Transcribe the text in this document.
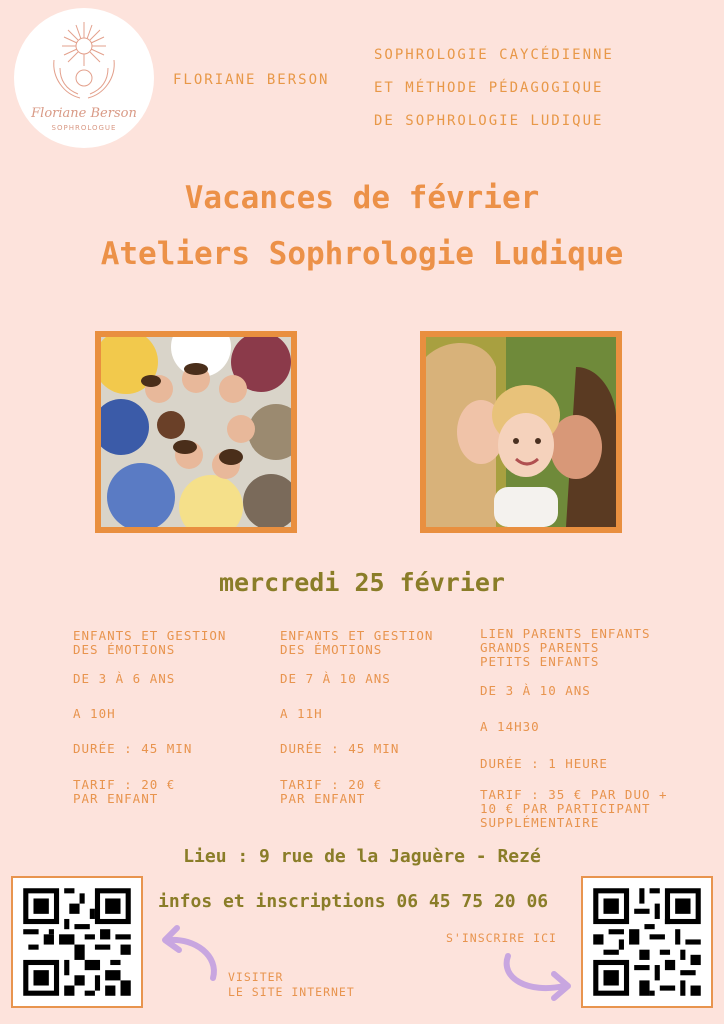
Floriane Berson
SOPHROLOGUE
FLORIANE BERSON
SOPHROLOGIE CAYCÉDIENNE
ET MÉTHODE PÉDAGOGIQUE
DE SOPHROLOGIE LUDIQUE
Vacances de février
Ateliers Sophrologie Ludique
mercredi 25 février

ENFANTS ET GESTION
DES ÉMOTIONS

DE 3 À 6 ANS

A 10H

DURÉE : 45 MIN

TARIF : 20 €
PAR ENFANT

ENFANTS ET GESTION
DES ÉMOTIONS

DE 7 À 10 ANS

A 11H

DURÉE : 45 MIN

TARIF : 20 €
PAR ENFANT

LIEN PARENTS ENFANTS
GRANDS PARENTS
PETITS ENFANTS

DE 3 À 10 ANS

A 14H30

DURÉE : 1 HEURE

TARIF : 35 € PAR DUO +
10 € PAR PARTICIPANT
SUPPLÉMENTAIRE

Lieu : 9 rue de la Jaguère - Rezé
infos et inscriptions 06 45 75 20 06
VISITER
LE SITE INTERNET
S'INSCRIRE ICI
